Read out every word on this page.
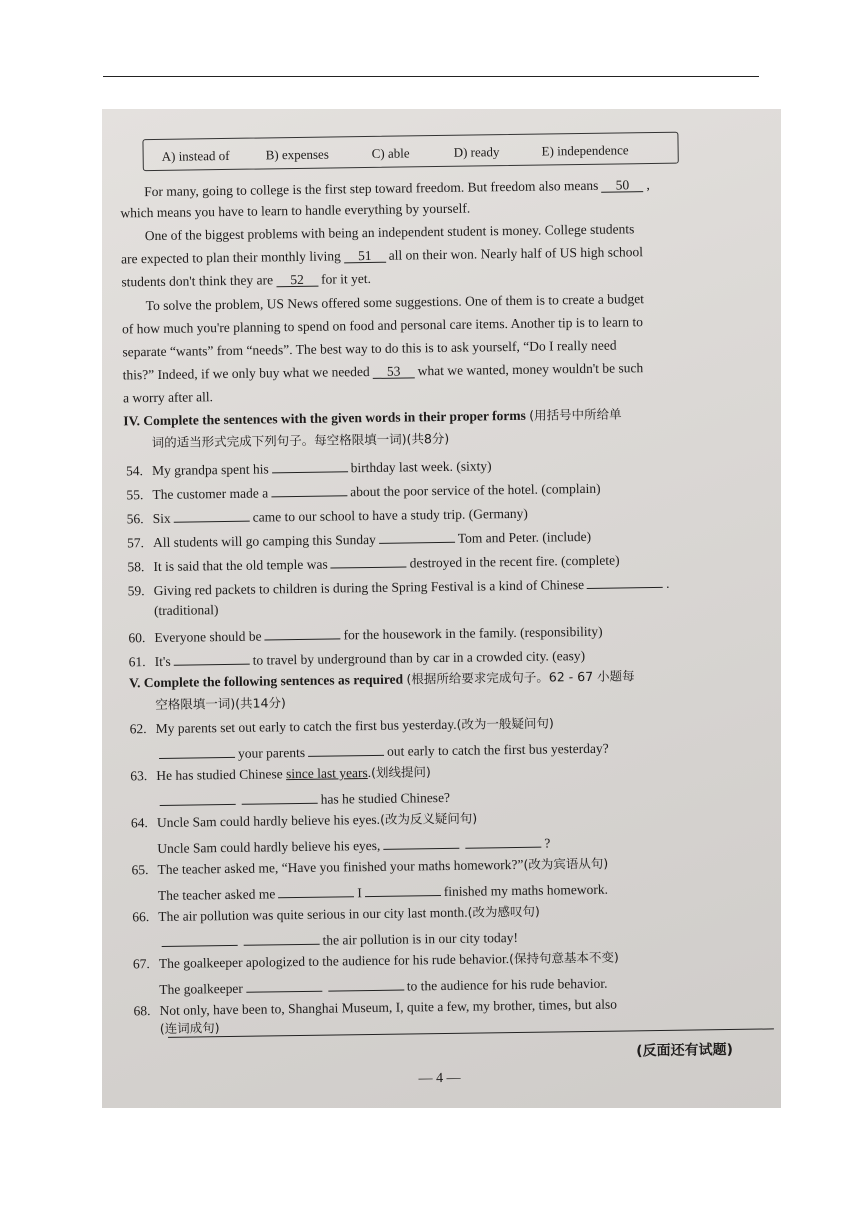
A) instead of	B) expenses	C) able	D) ready	E) independence
For many, going to college is the first step toward freedom. But freedom also means 50 ,
which means you have to learn to handle everything by yourself.
One of the biggest problems with being an independent student is money. College students
are expected to plan their monthly living 51 all on their won. Nearly half of US high school
students don't think they are 52 for it yet.
To solve the problem, US News offered some suggestions. One of them is to create a budget
of how much you're planning to spend on food and personal care items. Another tip is to learn to
separate “wants” from “needs”. The best way to do this is to ask yourself, “Do I really need
this?” Indeed, if we only buy what we needed 53 what we wanted, money wouldn't be such
a worry after all.
IV. Complete the sentences with the given words in their proper forms (用括号中所给单
词的适当形式完成下列句子。每空格限填一词)(共8分)
54. My grandpa spent his	birthday last week. (sixty)
55. The customer made a	about the poor service of the hotel. (complain)
56. Six	came to our school to have a study trip. (Germany)
57. All students will go camping this Sunday	Tom and Peter. (include)
58. It is said that the old temple was	destroyed in the recent fire. (complete)
59. Giving red packets to children is during the Spring Festival is a kind of Chinese	.
(traditional)
60. Everyone should be	for the housework in the family. (responsibility)
61. It's	to travel by underground than by car in a crowded city. (easy)
V. Complete the following sentences as required (根据所给要求完成句子。62 - 67 小题每
空格限填一词)(共14分)
62. My parents set out early to catch the first bus yesterday.(改为一般疑问句)
your parents	out early to catch the first bus yesterday?
63. He has studied Chinese since last years.(划线提问)
has he studied Chinese?
64. Uncle Sam could hardly believe his eyes.(改为反义疑问句)
Uncle Sam could hardly believe his eyes,	?
65. The teacher asked me, “Have you finished your maths homework?”(改为宾语从句)
The teacher asked me	I	finished my maths homework.
66. The air pollution was quite serious in our city last month.(改为感叹句)
the air pollution is in our city today!
67. The goalkeeper apologized to the audience for his rude behavior.(保持句意基本不变)
The goalkeeper	to the audience for his rude behavior.
68. Not only, have been to, Shanghai Museum, I, quite a few, my brother, times, but also
(连词成句)
(反面还有试题)
— 4 —
